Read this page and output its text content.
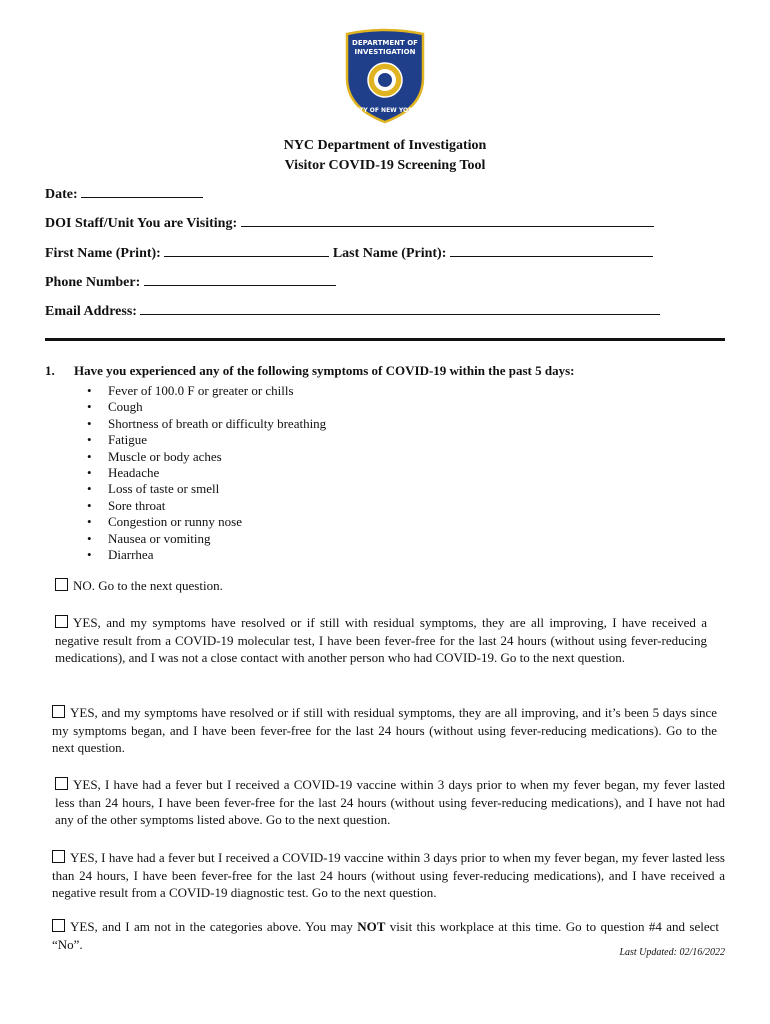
DEPARTMENT OF
INVESTIGATION
CITY OF NEW YORK
NYC Department of Investigation
Visitor COVID-19 Screening Tool
Date:
DOI Staff/Unit You are Visiting:
First Name (Print):	Last Name (Print):
Phone Number:
Email Address:
1. Have you experienced any of the following symptoms of COVID-19 within the past 5 days:
• Fever of 100.0 F or greater or chills
• Cough
• Shortness of breath or difficulty breathing
• Fatigue
• Muscle or body aches
• Headache
• Loss of taste or smell
• Sore throat
• Congestion or runny nose
• Nausea or vomiting
• Diarrhea
NO. Go to the next question.
YES, and my symptoms have resolved or if still with residual symptoms, they are all improving, I have received a negative result from a COVID-19 molecular test, I have been fever-free for the last 24 hours (without using fever-reducing medications), and I was not a close contact with another person who had COVID-19. Go to the next question.
YES, and my symptoms have resolved or if still with residual symptoms, they are all improving, and it’s been 5 days since my symptoms began, and I have been fever-free for the last 24 hours (without using fever-reducing medications). Go to the next question.
YES, I have had a fever but I received a COVID-19 vaccine within 3 days prior to when my fever began, my fever lasted less than 24 hours, I have been fever-free for the last 24 hours (without using fever-reducing medications), and I have not had any of the other symptoms listed above. Go to the next question.
YES, I have had a fever but I received a COVID-19 vaccine within 3 days prior to when my fever began, my fever lasted less than 24 hours, I have been fever-free for the last 24 hours (without using fever-reducing medications), and I have received a negative result from a COVID-19 diagnostic test. Go to the next question.
YES, and I am not in the categories above. You may NOT visit this workplace at this time. Go to question #4 and select “No”.
Last Updated: 02/16/2022
